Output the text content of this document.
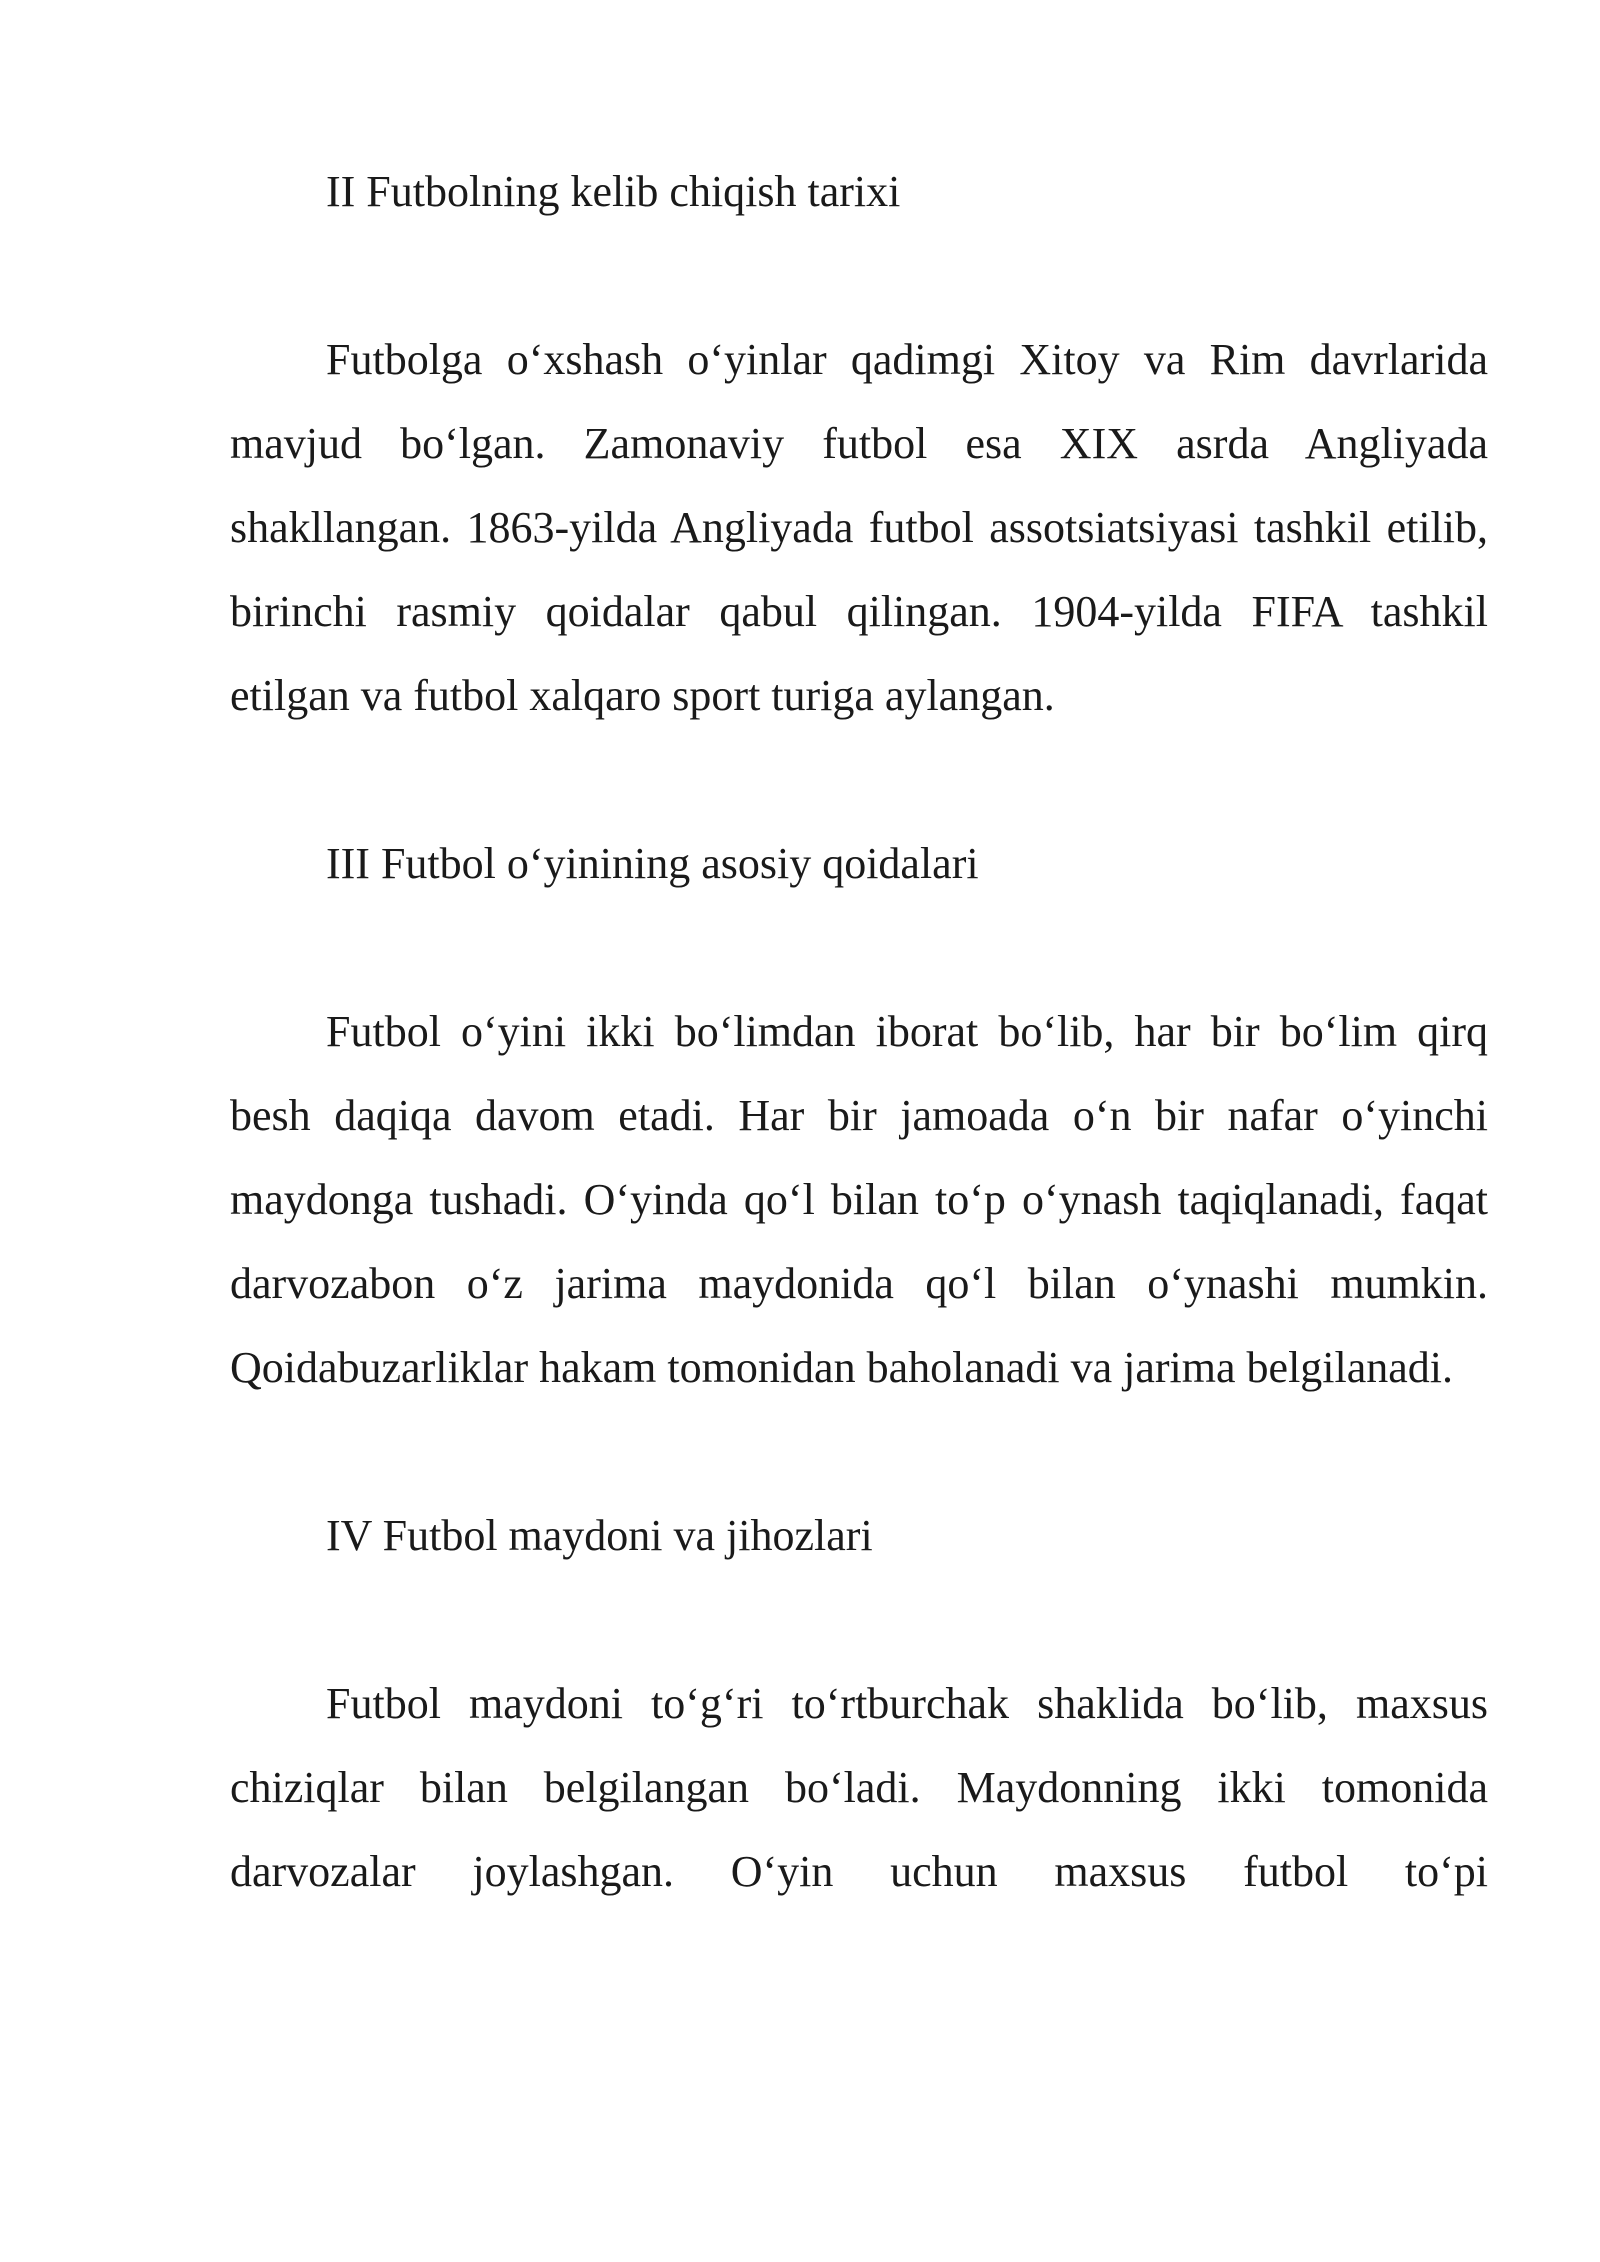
II Futbolning kelib chiqish tarixi

Futbolga o‘xshash o‘yinlar qadimgi Xitoy va Rim davrlarida mavjud bo‘lgan. Zamonaviy futbol esa XIX asrda Angliyada shakllangan. 1863-yilda Angliyada futbol assotsiatsiyasi tashkil etilib, birinchi rasmiy qoidalar qabul qilingan. 1904-yilda FIFA tashkil etilgan va futbol xalqaro sport turiga aylangan.

III Futbol o‘yinining asosiy qoidalari

Futbol o‘yini ikki bo‘limdan iborat bo‘lib, har bir bo‘lim qirq besh daqiqa davom etadi. Har bir jamoada o‘n bir nafar o‘yinchi maydonga tushadi. O‘yinda qo‘l bilan to‘p o‘ynash taqiqlanadi, faqat darvozabon o‘z jarima maydonida qo‘l bilan o‘ynashi mumkin. Qoidabuzarliklar hakam tomonidan baholanadi va jarima belgilanadi.

IV Futbol maydoni va jihozlari

Futbol maydoni to‘g‘ri to‘rtburchak shaklida bo‘lib, maxsus chiziqlar bilan belgilangan bo‘ladi. Maydonning ikki tomonida darvozalar joylashgan. O‘yin uchun maxsus futbol to‘pi
